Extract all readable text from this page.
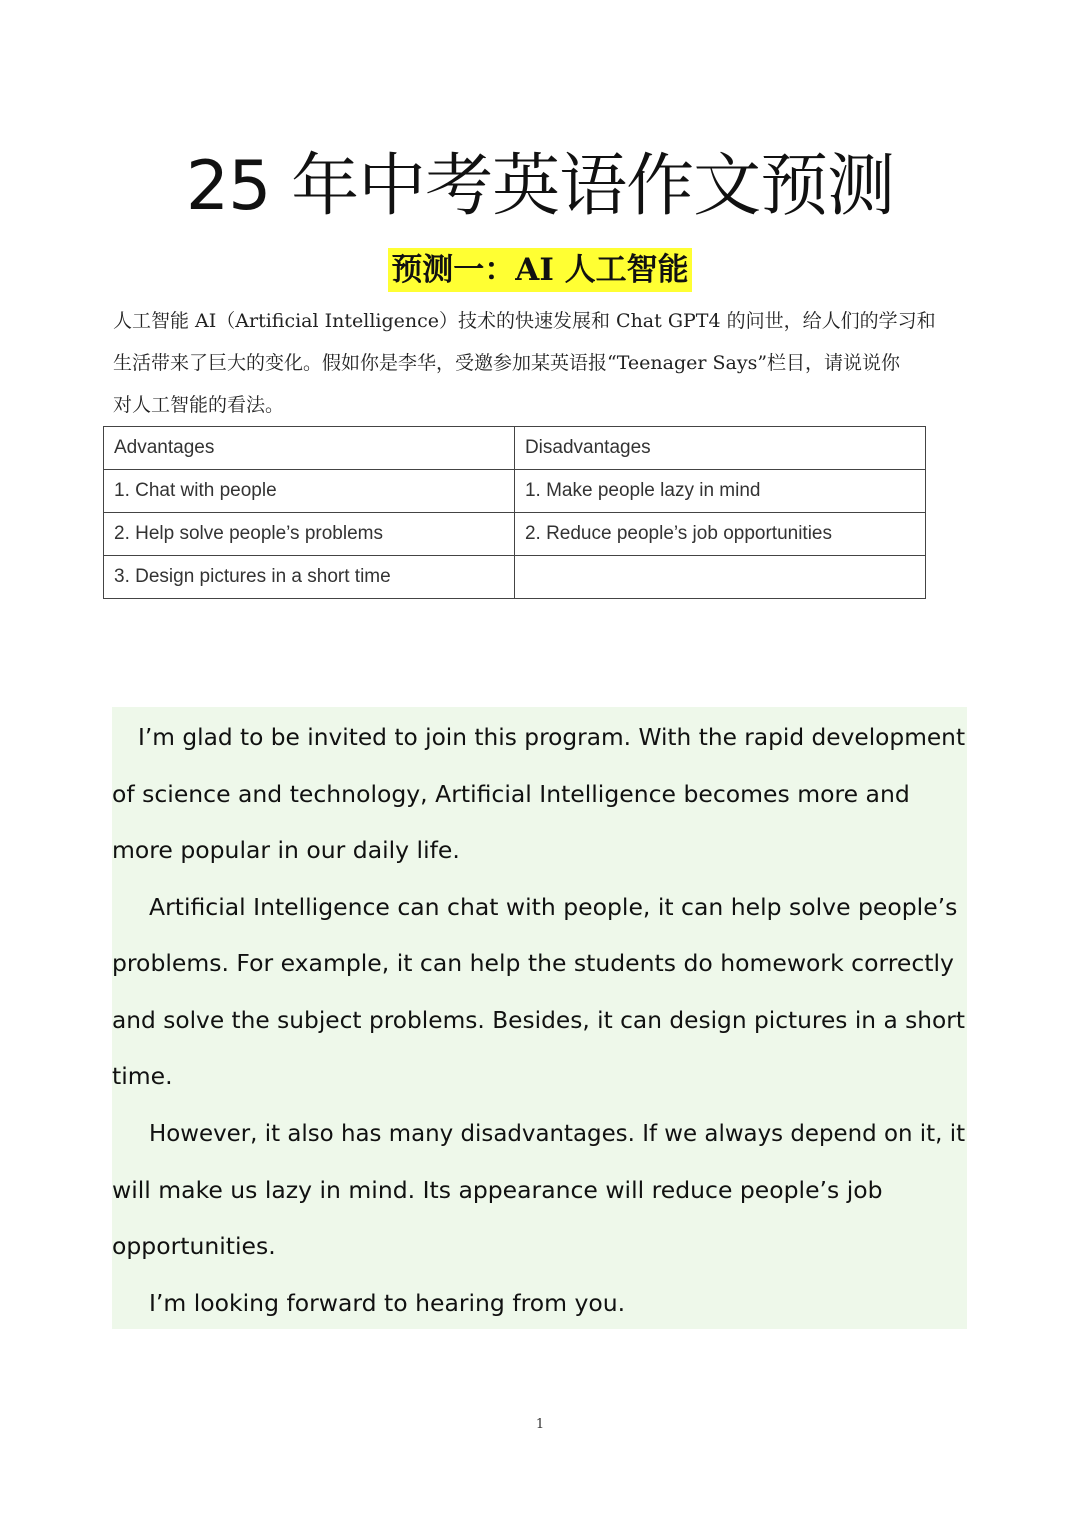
25 年中考英语作文预测
预测一：AI 人工智能
人工智能 AI（Artificial Intelligence）技术的快速发展和 Chat GPT4 的问世，给人们的学习和
生活带来了巨大的变化。假如你是李华，受邀参加某英语报“Teenager Says”栏目，请说说你
对人工智能的看法。
Advantages	Disadvantages
1. Chat with people	1. Make people lazy in mind
2. Help solve people’s problems	2. Reduce people’s job opportunities
3. Design pictures in a short time	
I’m glad to be invited to join this program. With the rapid development
of science and technology, Artificial Intelligence becomes more and
more popular in our daily life.
Artificial Intelligence can chat with people, it can help solve people’s
problems. For example, it can help the students do homework correctly
and solve the subject problems. Besides, it can design pictures in a short
time.
However, it also has many disadvantages. If we always depend on it, it
will make us lazy in mind. Its appearance will reduce people’s job
opportunities.
I’m looking forward to hearing from you.
1
